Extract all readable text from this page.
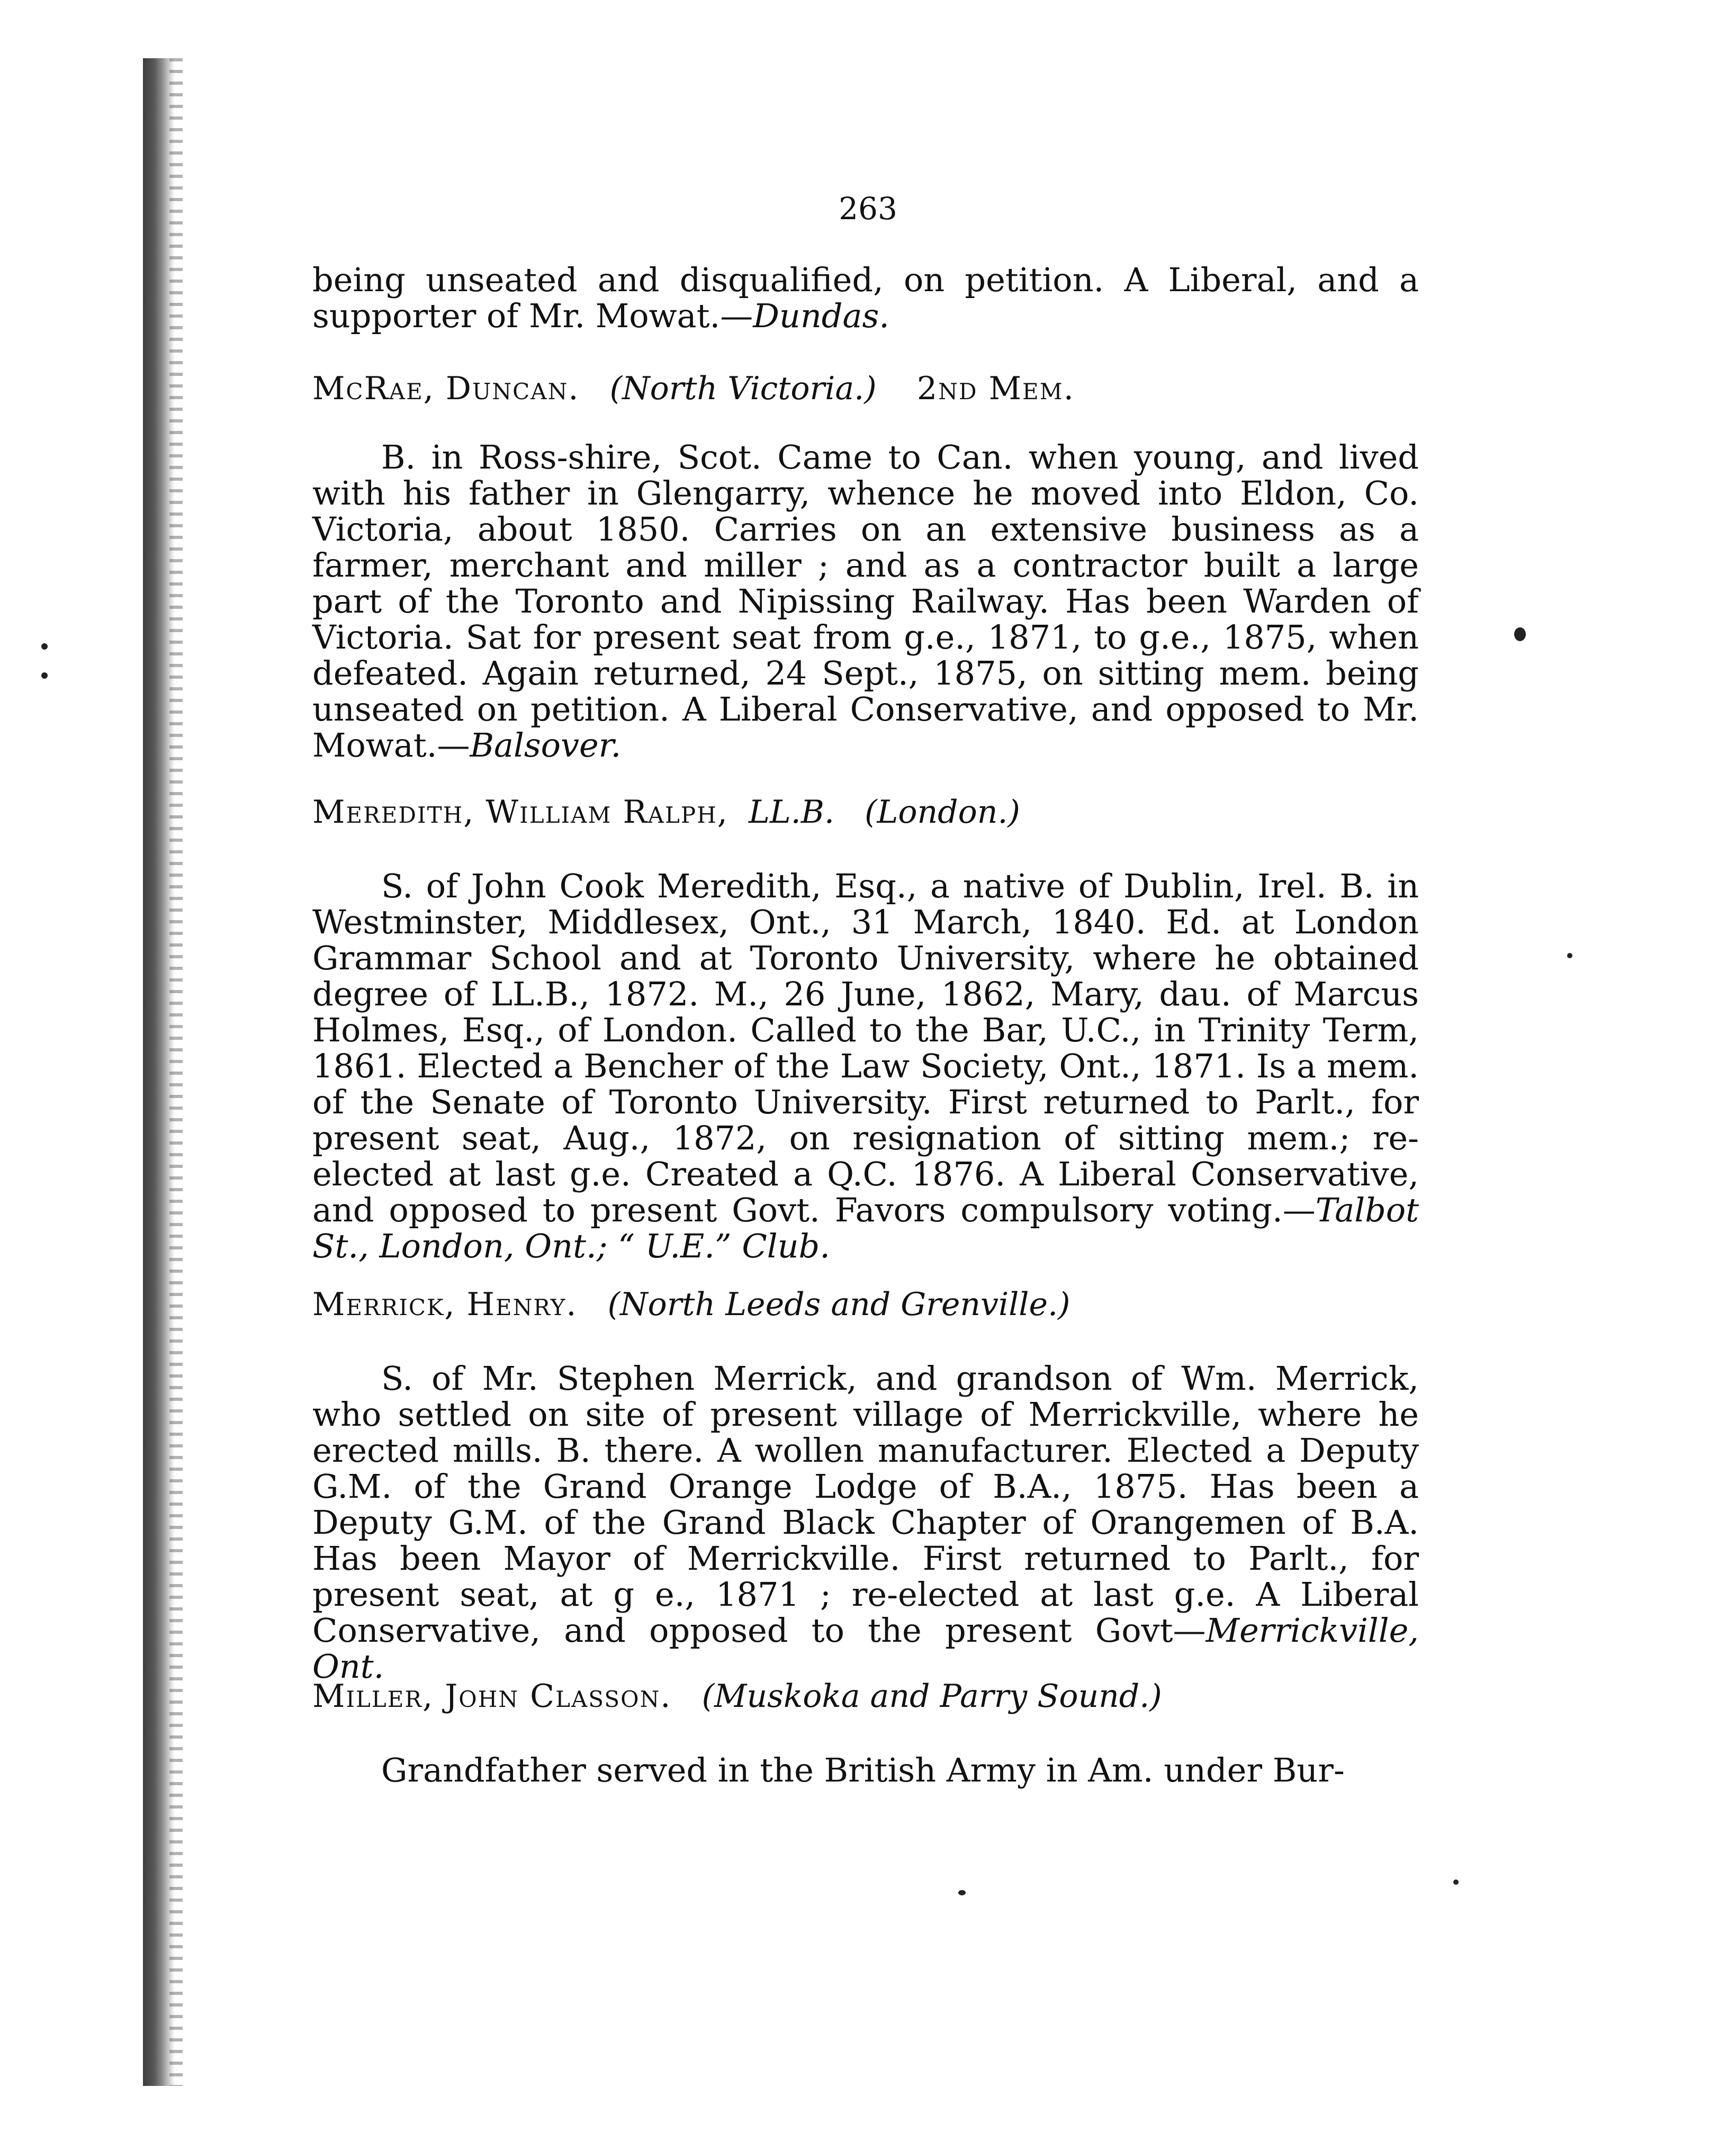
263
being unseated and disqualified, on petition. A Liberal, and a supporter of Mr. Mowat.—Dundas.
McRae, Duncan. (North Victoria.) 2nd Mem.
B. in Ross-shire, Scot. Came to Can. when young, and lived with his father in Glengarry, whence he moved into Eldon, Co. Victoria, about 1850. Carries on an extensive business as a farmer, merchant and miller ; and as a contractor built a large part of the Toronto and Nipissing Railway. Has been Warden of Victoria. Sat for present seat from g.e., 1871, to g.e., 1875, when defeated. Again returned, 24 Sept., 1875, on sitting mem. being unseated on petition. A Liberal Conservative, and opposed to Mr. Mowat.—Balsover.
Meredith, William Ralph, LL.B. (London.)
S. of John Cook Meredith, Esq., a native of Dublin, Irel. B. in Westminster, Middlesex, Ont., 31 March, 1840. Ed. at London Grammar School and at Toronto University, where he obtained degree of LL.B., 1872. M., 26 June, 1862, Mary, dau. of Marcus Holmes, Esq., of London. Called to the Bar, U.C., in Trinity Term, 1861. Elected a Bencher of the Law Society, Ont., 1871. Is a mem. of the Senate of Toronto University. First returned to Parlt., for present seat, Aug., 1872, on resignation of sitting mem.; re-elected at last g.e. Created a Q.C. 1876. A Liberal Conservative, and opposed to present Govt. Favors compulsory voting.—Talbot St., London, Ont.; “ U.E.” Club.
Merrick, Henry. (North Leeds and Grenville.)
S. of Mr. Stephen Merrick, and grandson of Wm. Merrick, who settled on site of present village of Merrickville, where he erected mills. B. there. A wollen manufacturer. Elected a Deputy G.M. of the Grand Orange Lodge of B.A., 1875. Has been a Deputy G.M. of the Grand Black Chapter of Orangemen of B.A. Has been Mayor of Merrickville. First returned to Parlt., for present seat, at g e., 1871 ; re-elected at last g.e. A Liberal Conservative, and opposed to the present Govt—Merrickville, Ont.
Miller, John Classon. (Muskoka and Parry Sound.)
Grandfather served in the British Army in Am. under Bur-
